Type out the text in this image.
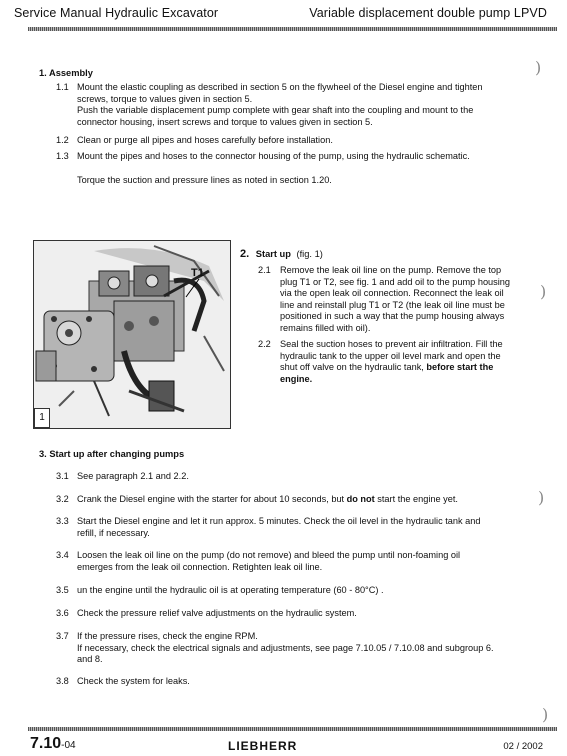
Service Manual Hydraulic Excavator	Variable displacement double pump LPVD
1. Assembly	)
1.1 Mount the elastic coupling as described in section 5 on the flywheel of the Diesel engine and tighten
screws, torque to values given in section 5.
Push the variable displacement pump complete with gear shaft into the coupling and mount to the
connector housing, insert screws and torque to values given in section 5.
1.2 Clean or purge all pipes and hoses carefully before installation.
1.3 Mount the pipes and hoses to the connector housing of the pump, using the hydraulic schematic.
Torque the suction and pressure lines as noted in section 1.20.
T1
1
2. Start up (fig. 1)
2.1 Remove the leak oil line on the pump. Remove the top
plug T1 or T2, see fig. 1 and add oil to the pump housing
via the open leak oil connection. Reconnect the leak oil
line and reinstall plug T1 or T2 (the leak oil line must be
positioned in such a way that the pump housing always
remains filled with oil).
)
2.2 Seal the suction hoses to prevent air infiltration. Fill the
hydraulic tank to the upper oil level mark and open the
shut off valve on the hydraulic tank, before start the
engine.
3. Start up after changing pumps
3.1 See paragraph 2.1 and 2.2.
3.2 Crank the Diesel engine with the starter for about 10 seconds, but do not start the engine yet.	)
3.3 Start the Diesel engine and let it run approx. 5 minutes. Check the oil level in the hydraulic tank and
refill, if necessary.
3.4 Loosen the leak oil line on the pump (do not remove) and bleed the pump until non-foaming oil
emerges from the leak oil connection. Retighten leak oil line.
3.5 un the engine until the hydraulic oil is at operating temperature (60 - 80°C) .
3.6 Check the pressure relief valve adjustments on the hydraulic system.
3.7 If the pressure rises, check the engine RPM.
If necessary, check the electrical signals and adjustments, see page 7.10.05 / 7.10.08 and subgroup 6.
and 8.
3.8 Check the system for leaks.
)
7.10-04	LIEBHERR	02 / 2002
